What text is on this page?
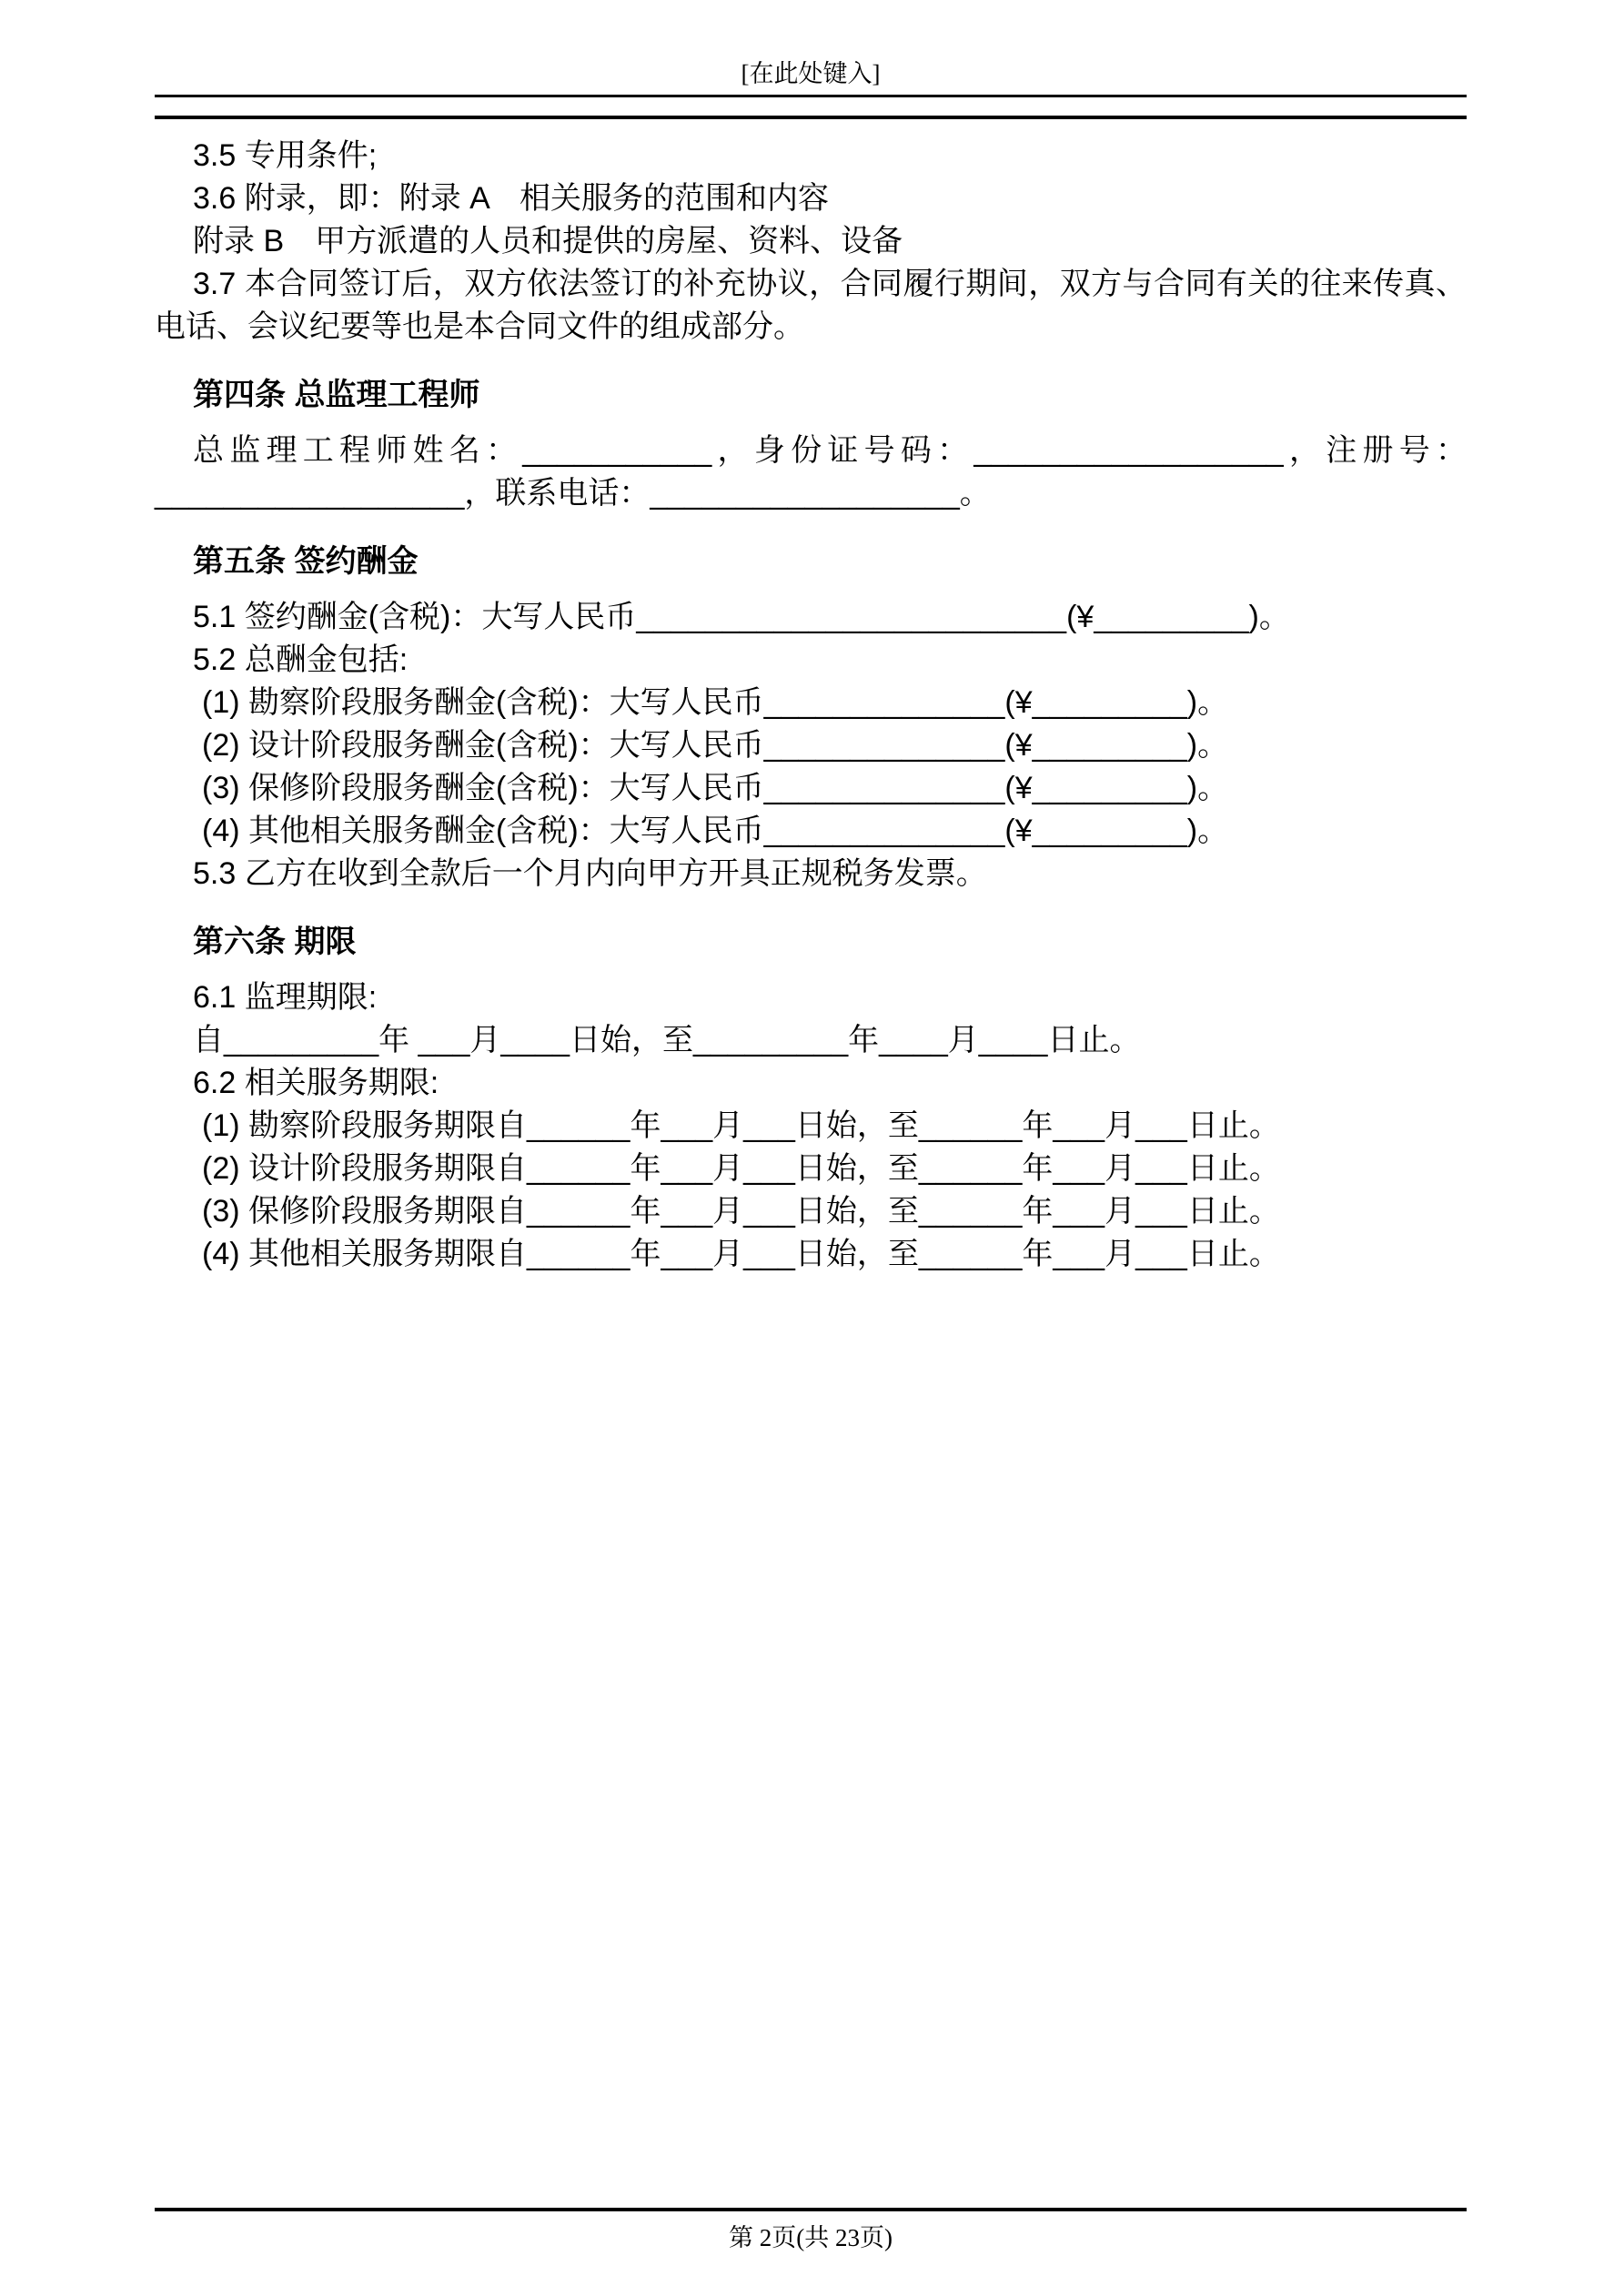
[在此处键入]

3.5 专用条件;

3.6 附录，即：附录 A　相关服务的范围和内容

附录 B　甲方派遣的人员和提供的房屋、资料、设备

3.7 本合同签订后，双方依法签订的补充协议，合同履行期间，双方与合同有关的往来传真、电话、会议纪要等也是本合同文件的组成部分。

第四条 总监理工程师

总监理工程师姓名：___________，身份证号码：__________________，注册号：__________________，联系电话：__________________。

第五条 签约酬金

5.1 签约酬金(含税)：大写人民币_________________________(¥_________)。

5.2 总酬金包括:

(1) 勘察阶段服务酬金(含税)：大写人民币______________(¥_________)。

(2) 设计阶段服务酬金(含税)：大写人民币______________(¥_________)。

(3) 保修阶段服务酬金(含税)：大写人民币______________(¥_________)。

(4) 其他相关服务酬金(含税)：大写人民币______________(¥_________)。

5.3 乙方在收到全款后一个月内向甲方开具正规税务发票。

第六条 期限

6.1 监理期限:

自_________年 ___月____日始，至_________年____月____日止。

6.2 相关服务期限:

(1) 勘察阶段服务期限自______年___月___日始，至______年___月___日止。

(2) 设计阶段服务期限自______年___月___日始，至______年___月___日止。

(3) 保修阶段服务期限自______年___月___日始，至______年___月___日止。

(4) 其他相关服务期限自______年___月___日始，至______年___月___日止。

第 2页(共 23页)
